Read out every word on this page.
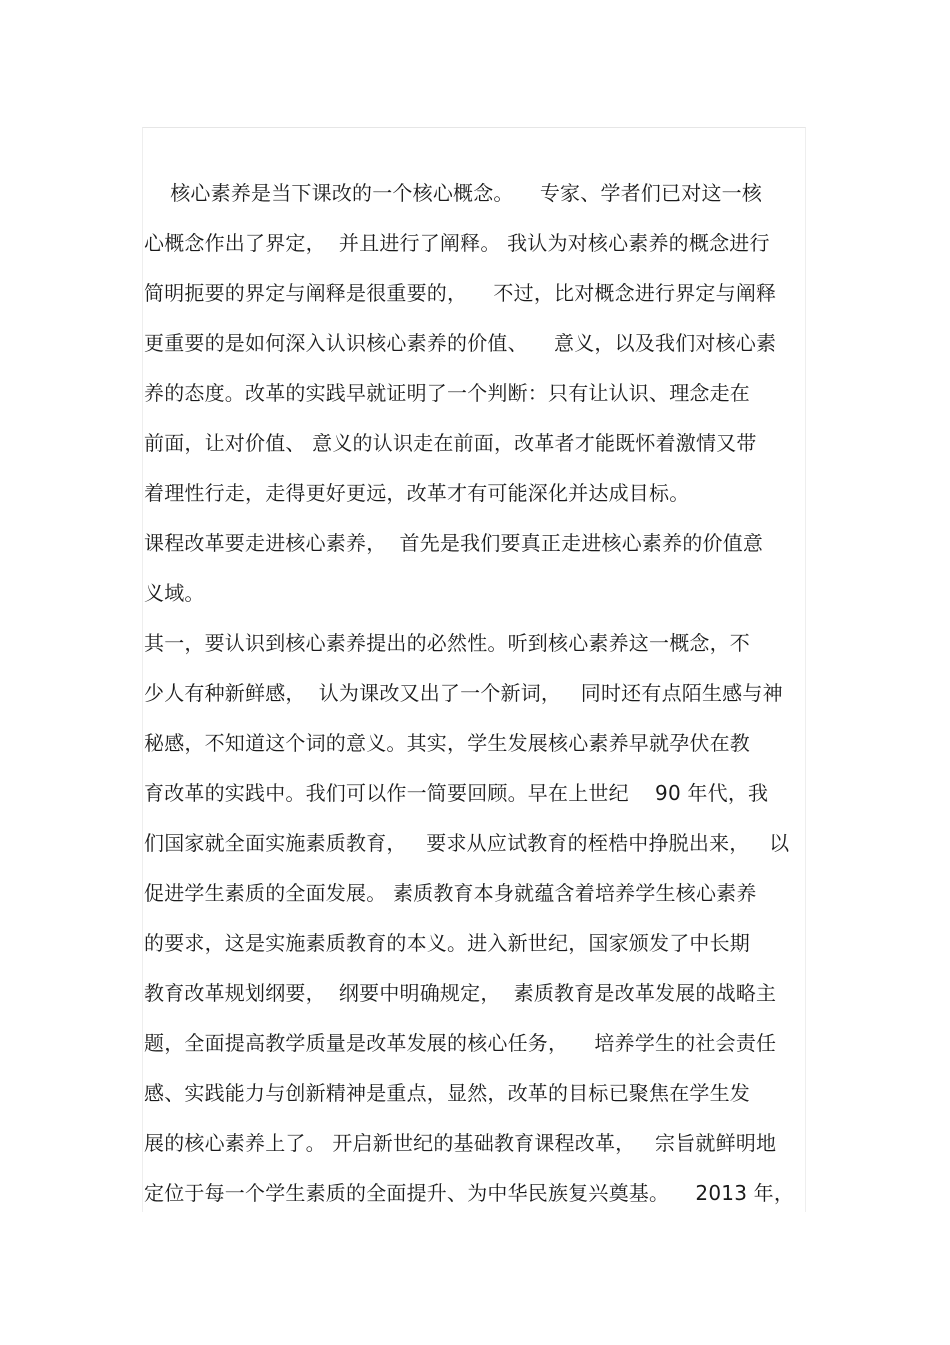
核心素养是当下课改的一个核心概念。    专家、学者们已对这一核
心概念作出了界定，  并且进行了阐释。 我认为对核心素养的概念进行
简明扼要的界定与阐释是很重要的，    不过，比对概念进行界定与阐释
更重要的是如何深入认识核心素养的价值、    意义，以及我们对核心素
养的态度。改革的实践早就证明了一个判断：只有让认识、理念走在
前面，让对价值、 意义的认识走在前面，改革者才能既怀着激情又带
着理性行走，走得更好更远，改革才有可能深化并达成目标。
课程改革要走进核心素养，  首先是我们要真正走进核心素养的价值意
义域。
其一，要认识到核心素养提出的必然性。听到核心素养这一概念，不
少人有种新鲜感，  认为课改又出了一个新词，   同时还有点陌生感与神
秘感，不知道这个词的意义。其实，学生发展核心素养早就孕伏在教
育改革的实践中。我们可以作一简要回顾。早在上世纪    90 年代，我
们国家就全面实施素质教育，   要求从应试教育的桎梏中挣脱出来，   以
促进学生素质的全面发展。 素质教育本身就蕴含着培养学生核心素养
的要求，这是实施素质教育的本义。进入新世纪，国家颁发了中长期
教育改革规划纲要，  纲要中明确规定，  素质教育是改革发展的战略主
题，全面提高教学质量是改革发展的核心任务，    培养学生的社会责任
感、实践能力与创新精神是重点，显然，改革的目标已聚焦在学生发
展的核心素养上了。 开启新世纪的基础教育课程改革，   宗旨就鲜明地
定位于每一个学生素质的全面提升、为中华民族复兴奠基。    2013 年，
